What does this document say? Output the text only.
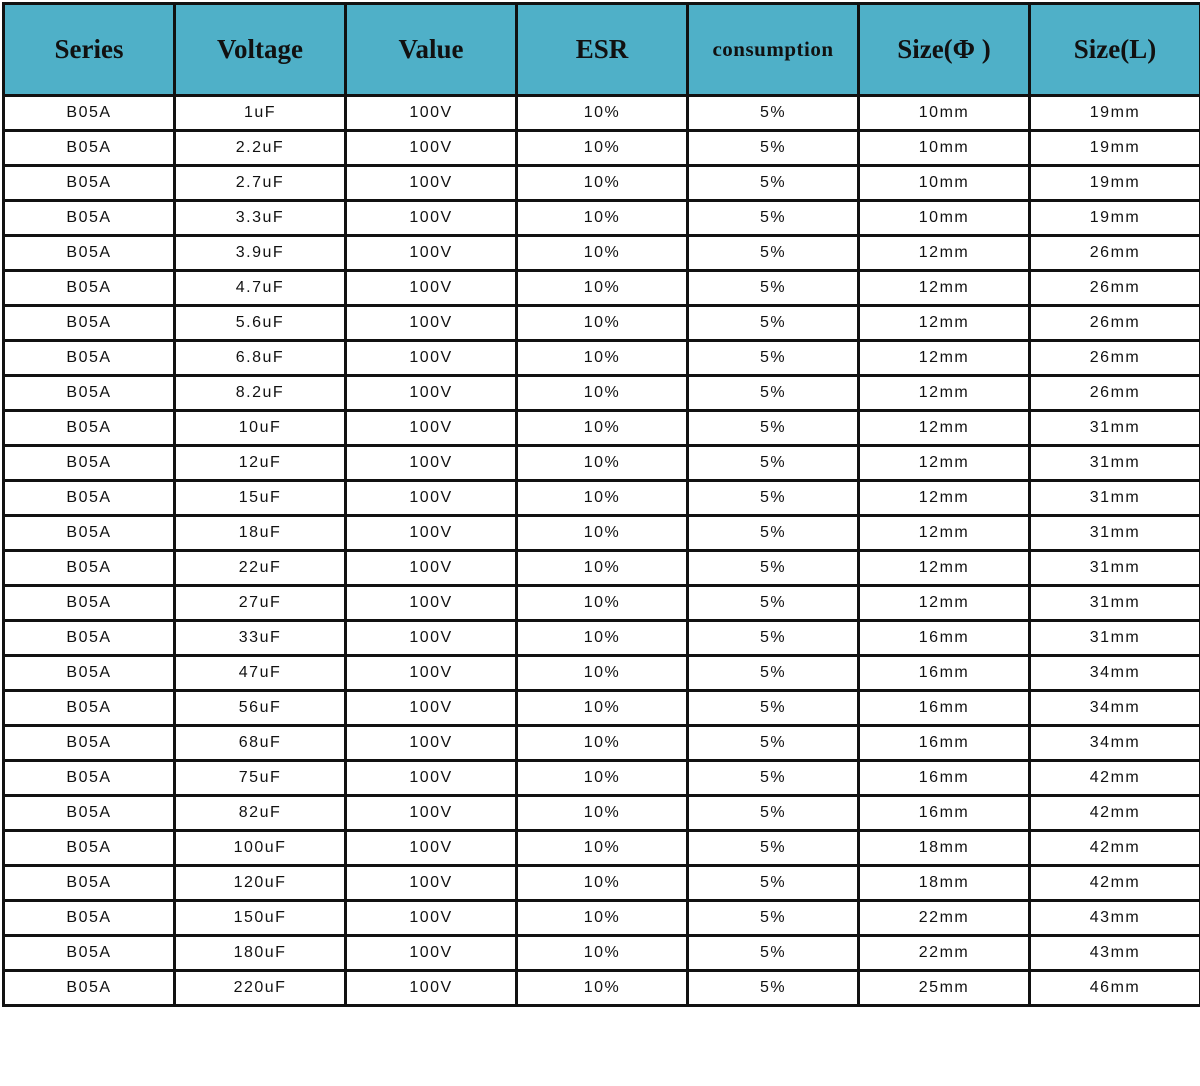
Series	Voltage	Value	ESR	consumption	Size(Φ )	Size(L)
B05A	1uF	100V	10%	5%	10mm	19mm
B05A	2.2uF	100V	10%	5%	10mm	19mm
B05A	2.7uF	100V	10%	5%	10mm	19mm
B05A	3.3uF	100V	10%	5%	10mm	19mm
B05A	3.9uF	100V	10%	5%	12mm	26mm
B05A	4.7uF	100V	10%	5%	12mm	26mm
B05A	5.6uF	100V	10%	5%	12mm	26mm
B05A	6.8uF	100V	10%	5%	12mm	26mm
B05A	8.2uF	100V	10%	5%	12mm	26mm
B05A	10uF	100V	10%	5%	12mm	31mm
B05A	12uF	100V	10%	5%	12mm	31mm
B05A	15uF	100V	10%	5%	12mm	31mm
B05A	18uF	100V	10%	5%	12mm	31mm
B05A	22uF	100V	10%	5%	12mm	31mm
B05A	27uF	100V	10%	5%	12mm	31mm
B05A	33uF	100V	10%	5%	16mm	31mm
B05A	47uF	100V	10%	5%	16mm	34mm
B05A	56uF	100V	10%	5%	16mm	34mm
B05A	68uF	100V	10%	5%	16mm	34mm
B05A	75uF	100V	10%	5%	16mm	42mm
B05A	82uF	100V	10%	5%	16mm	42mm
B05A	100uF	100V	10%	5%	18mm	42mm
B05A	120uF	100V	10%	5%	18mm	42mm
B05A	150uF	100V	10%	5%	22mm	43mm
B05A	180uF	100V	10%	5%	22mm	43mm
B05A	220uF	100V	10%	5%	25mm	46mm
